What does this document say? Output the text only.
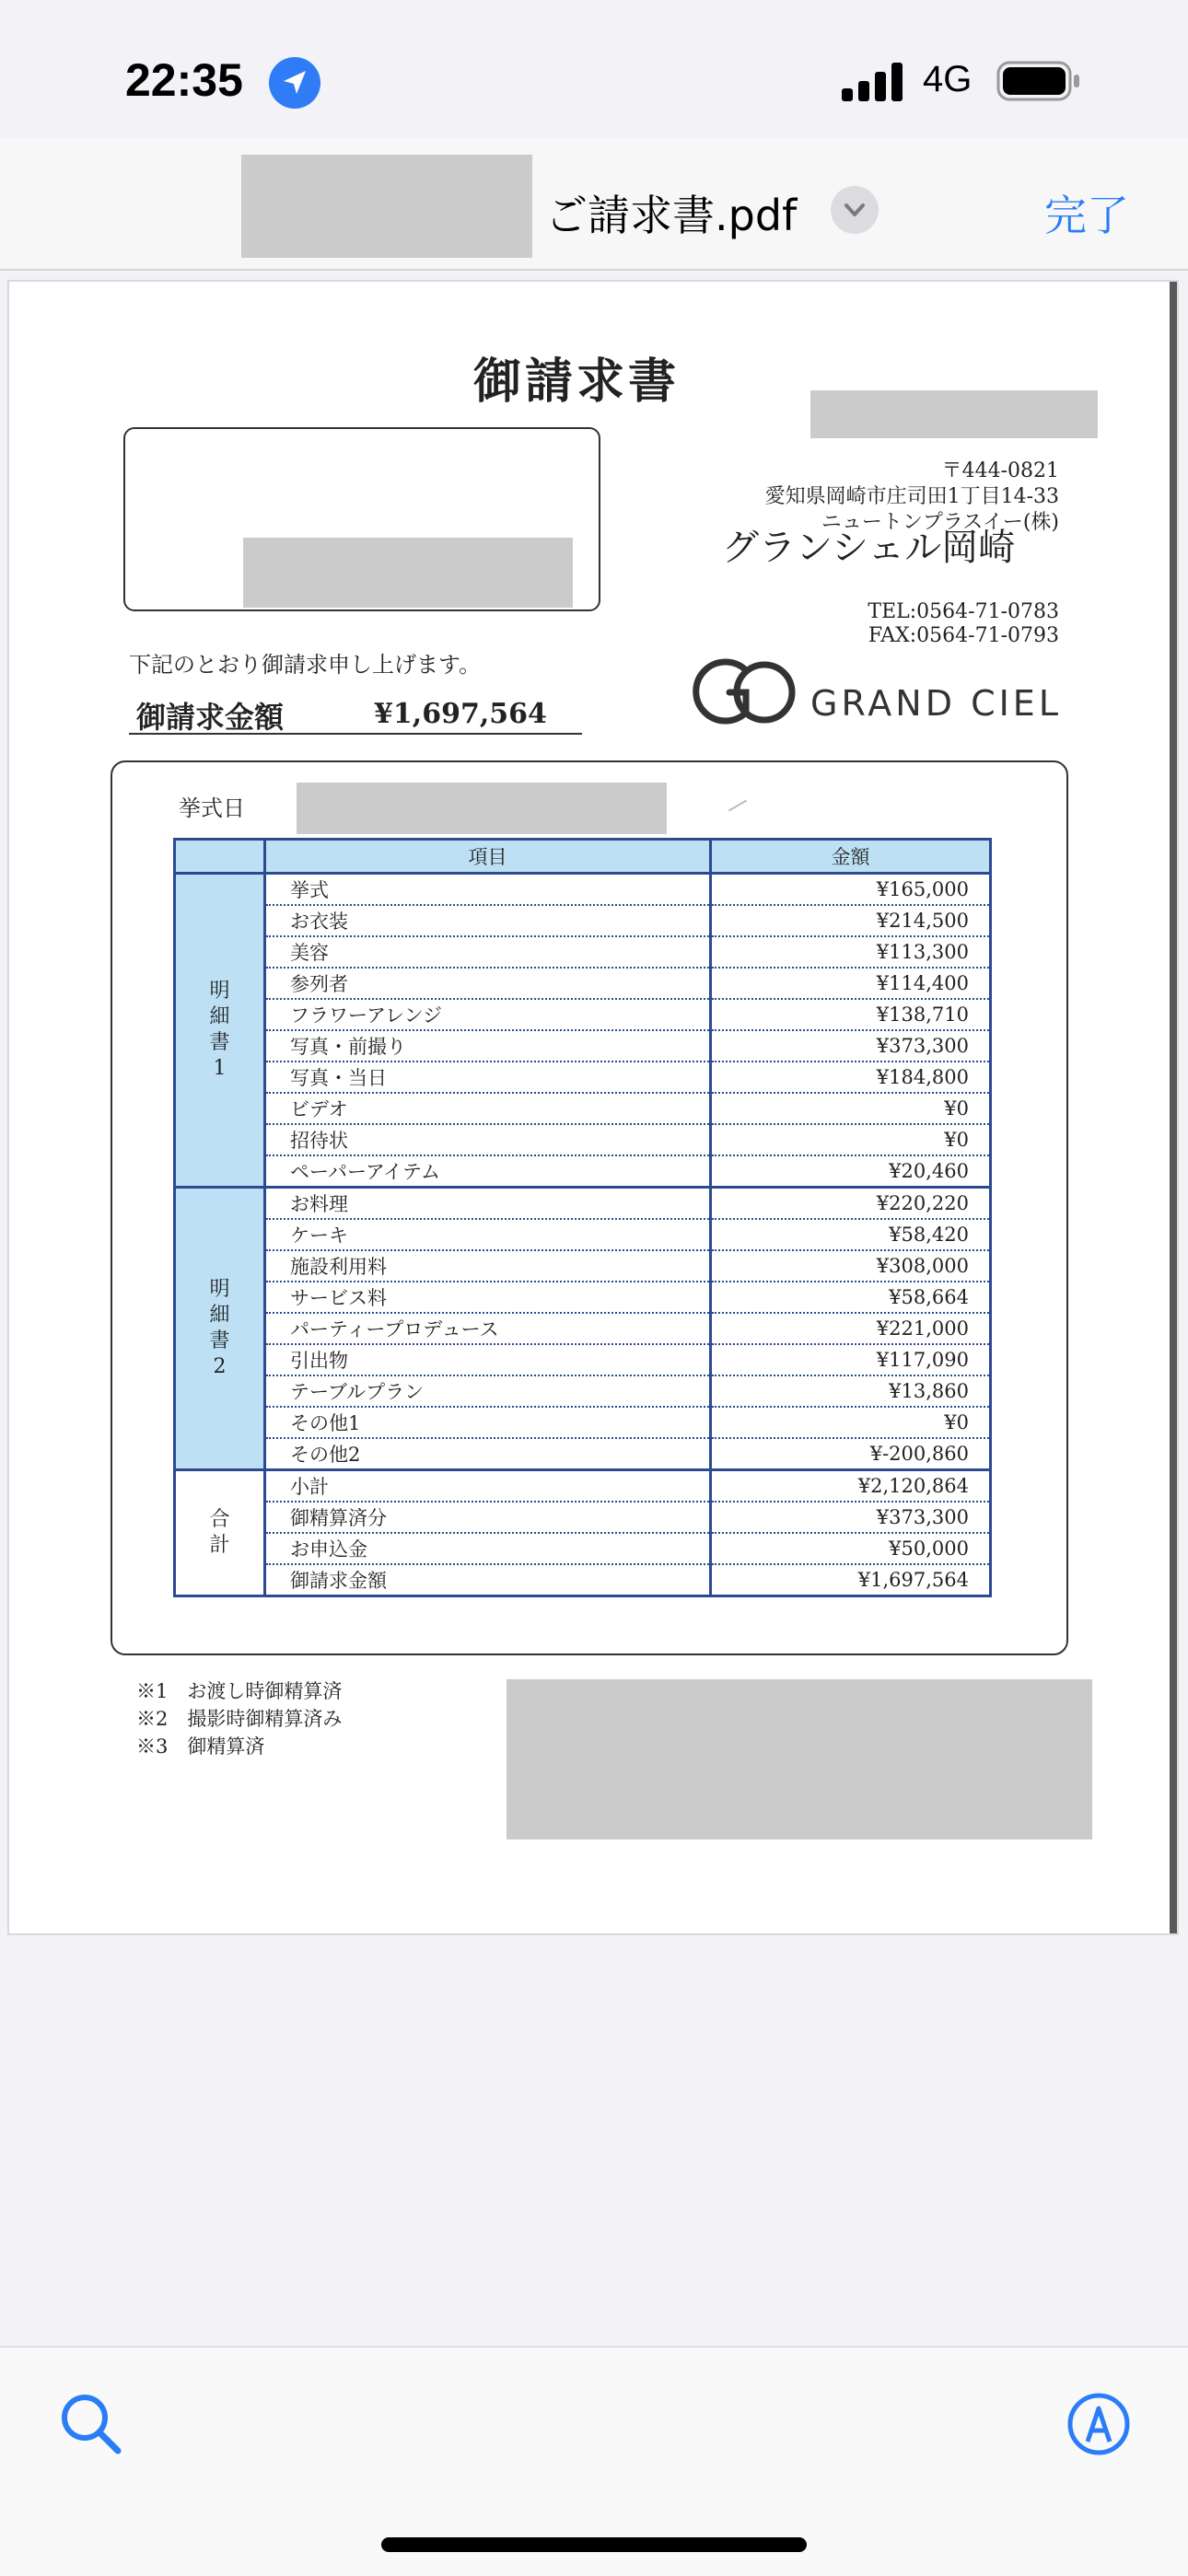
22:35	4G
ご請求書.pdf	完了
御請求書
〒444-0821
愛知県岡崎市庄司田1丁目14-33
ニュートンプラスイー(株)
グランシェル岡崎
TEL:0564-71-0783
FAX:0564-71-0793
下記のとおり御請求申し上げます。
御請求金額	¥1,697,564	GRAND CIEL
挙式日
	項目	金額
明細書1	挙式	¥165,000
	お衣装	¥214,500
	美容	¥113,300
	参列者	¥114,400
	フラワーアレンジ	¥138,710
	写真・前撮り	¥373,300
	写真・当日	¥184,800
	ビデオ	¥0
	招待状	¥0
	ペーパーアイテム	¥20,460
明細書2	お料理	¥220,220
	ケーキ	¥58,420
	施設利用料	¥308,000
	サービス料	¥58,664
	パーティープロデュース	¥221,000
	引出物	¥117,090
	テーブルプラン	¥13,860
	その他1	¥0
	その他2	¥-200,860
合計	小計	¥2,120,864
	御精算済分	¥373,300
	お申込金	¥50,000
	御請求金額	¥1,697,564
※1　お渡し時御精算済
※2　撮影時御精算済み
※3　御精算済
